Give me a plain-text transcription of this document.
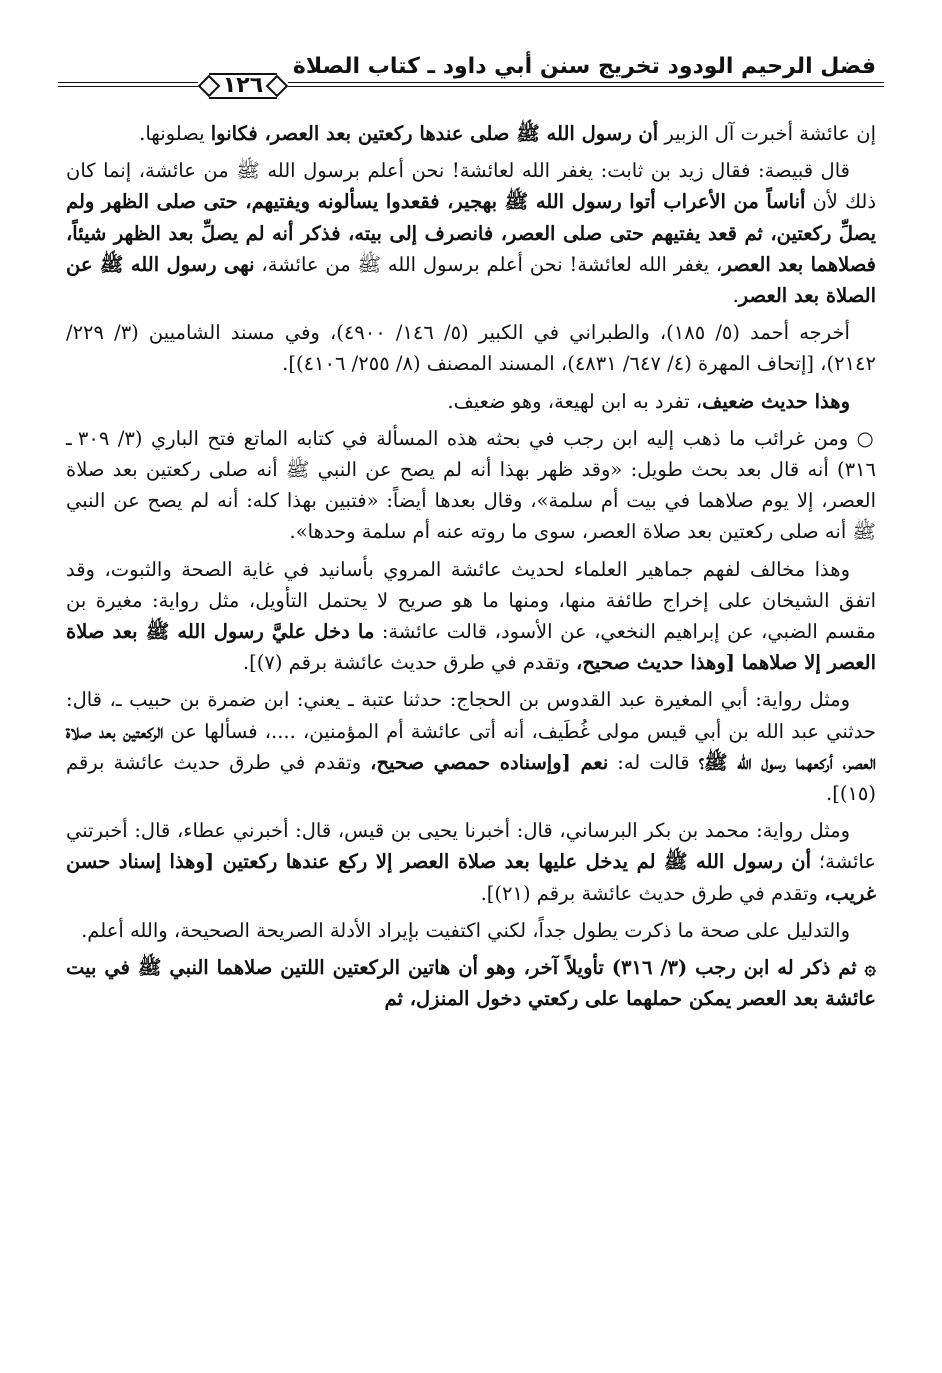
فضل الرحيم الودود تخريج سنن أبي داود ـ كتاب الصلاة
١٢٦

إن عائشة أخبرت آل الزبير أن رسول الله ﷺ صلى عندها ركعتين بعد العصر، فكانوا يصلونها.

قال قبيصة: فقال زيد بن ثابت: يغفر الله لعائشة! نحن أعلم برسول الله ﷺ من عائشة، إنما كان ذلك لأن أناساً من الأعراب أتوا رسول الله ﷺ بهجير، فقعدوا يسألونه ويفتيهم، حتى صلى الظهر ولم يصلِّ ركعتين، ثم قعد يفتيهم حتى صلى العصر، فانصرف إلى بيته، فذكر أنه لم يصلِّ بعد الظهر شيئاً، فصلاهما بعد العصر، يغفر الله لعائشة! نحن أعلم برسول الله ﷺ من عائشة، نهى رسول الله ﷺ عن الصلاة بعد العصر.

أخرجه أحمد (٥/ ١٨٥)، والطبراني في الكبير (٥/ ١٤٦/ ٤٩٠٠)، وفي مسند الشاميين (٣/ ٢٢٩/ ٢١٤٢)، [إتحاف المهرة (٤/ ٦٤٧/ ٤٨٣١)، المسند المصنف (٨/ ٢٥٥/ ٤١٠٦)].

وهذا حديث ضعيف، تفرد به ابن لهيعة، وهو ضعيف.

○ ومن غرائب ما ذهب إليه ابن رجب في بحثه هذه المسألة في كتابه الماتع فتح الباري (٣/ ٣٠٩ ـ ٣١٦) أنه قال بعد بحث طويل: «وقد ظهر بهذا أنه لم يصح عن النبي ﷺ أنه صلى ركعتين بعد صلاة العصر، إلا يوم صلاهما في بيت أم سلمة»، وقال بعدها أيضاً: «فتبين بهذا كله: أنه لم يصح عن النبي ﷺ أنه صلى ركعتين بعد صلاة العصر، سوى ما روته عنه أم سلمة وحدها».

وهذا مخالف لفهم جماهير العلماء لحديث عائشة المروي بأسانيد في غاية الصحة والثبوت، وقد اتفق الشيخان على إخراج طائفة منها، ومنها ما هو صريح لا يحتمل التأويل، مثل رواية: مغيرة بن مقسم الضبي، عن إبراهيم النخعي، عن الأسود، قالت عائشة: ما دخل عليَّ رسول الله ﷺ بعد صلاة العصر إلا صلاهما [وهذا حديث صحيح، وتقدم في طرق حديث عائشة برقم (٧)].

ومثل رواية: أبي المغيرة عبد القدوس بن الحجاج: حدثنا عتبة ـ يعني: ابن ضمرة بن حبيب ـ، قال: حدثني عبد الله بن أبي قيس مولى غُطَيف، أنه أتى عائشة أم المؤمنين، ....، فسألها عن الركعتين بعد صلاة العصر، أركعهما رسول الله ﷺ؟ قالت له: نعم [وإسناده حمصي صحيح، وتقدم في طرق حديث عائشة برقم (١٥)].

ومثل رواية: محمد بن بكر البرساني، قال: أخبرنا يحيى بن قيس، قال: أخبرني عطاء، قال: أخبرتني عائشة؛ أن رسول الله ﷺ لم يدخل عليها بعد صلاة العصر إلا ركع عندها ركعتين [وهذا إسناد حسن غريب، وتقدم في طرق حديث عائشة برقم (٢١)].

والتدليل على صحة ما ذكرت يطول جداً، لكني اكتفيت بإيراد الأدلة الصريحة الصحيحة، والله أعلم.

۞ ثم ذكر له ابن رجب (٣/ ٣١٦) تأويلاً آخر، وهو أن هاتين الركعتين اللتين صلاهما النبي ﷺ في بيت عائشة بعد العصر يمكن حملهما على ركعتي دخول المنزل، ثم
